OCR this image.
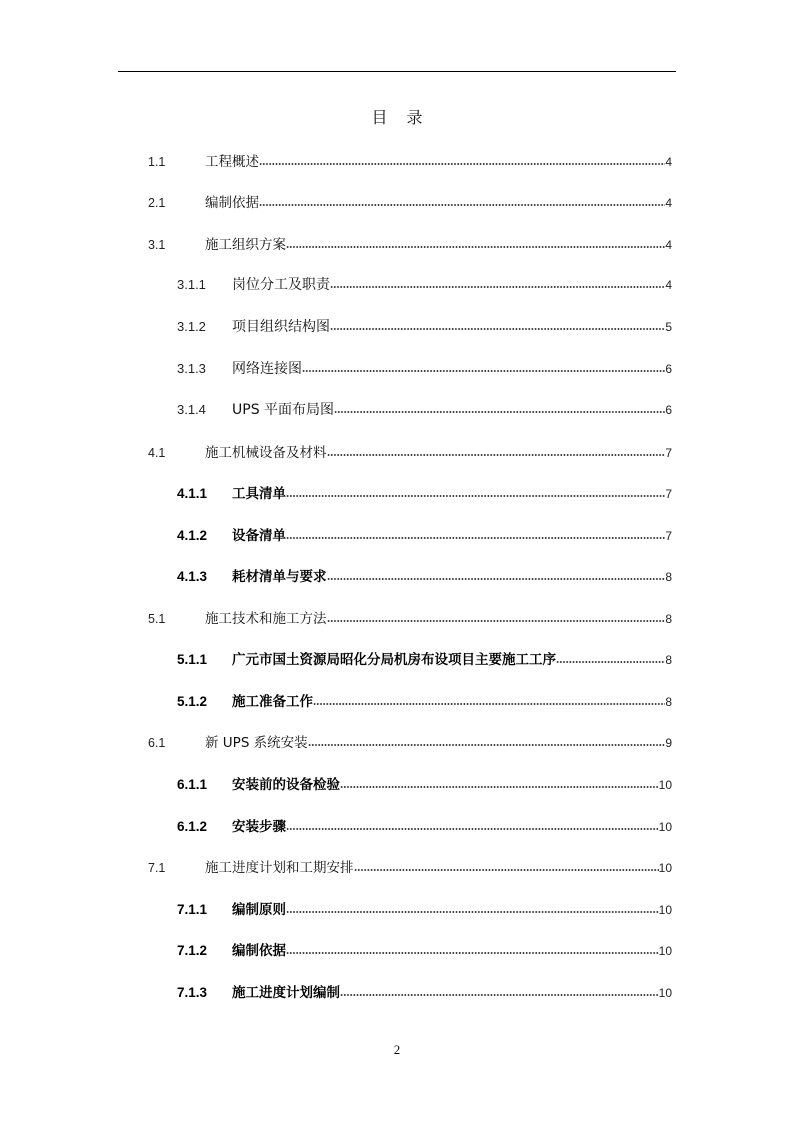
目 录
1.1	工程概述	4
2.1	编制依据	4
3.1	施工组织方案	4
3.1.1	岗位分工及职责	4
3.1.2	项目组织结构图	5
3.1.3	网络连接图	6
3.1.4	UPS 平面布局图	6
4.1	施工机械设备及材料	7
4.1.1	工具清单	7
4.1.2	设备清单	7
4.1.3	耗材清单与要求	8
5.1	施工技术和施工方法	8
5.1.1	广元市国土资源局昭化分局机房布设项目主要施工工序	8
5.1.2	施工准备工作	8
6.1	新 UPS 系统安装	9
6.1.1	安装前的设备检验	10
6.1.2	安装步骤	10
7.1	施工进度计划和工期安排	10
7.1.1	编制原则	10
7.1.2	编制依据	10
7.1.3	施工进度计划编制	10
2
